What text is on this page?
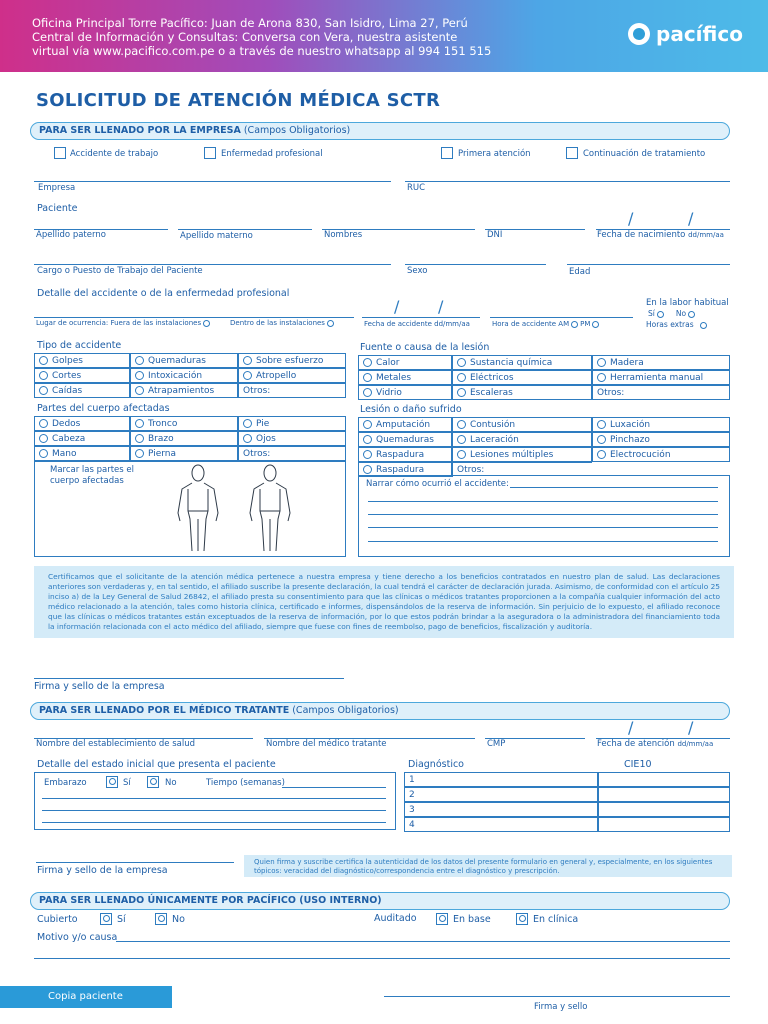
Oficina Principal Torre Pacífico: Juan de Arona 830, San Isidro, Lima 27, Perú
Central de Información y Consultas: Conversa con Vera, nuestra asistente
virtual vía www.pacifico.com.pe o a través de nuestro whatsapp al 994 151 515
pacífico
SOLICITUD DE ATENCIÓN MÉDICA SCTR
PARA SER LLENADO POR LA EMPRESA (Campos Obligatorios)
Accidente de trabajo	Enfermedad profesional	Primera atención	Continuación de tratamiento
Empresa	RUC
Paciente
Apellido paterno	Apellido materno	Nombres	DNI
/	/
Fecha de nacimiento dd/mm/aa
Cargo o Puesto de Trabajo del Paciente	Sexo	Edad
Detalle del accidente o de la enfermedad profesional
Lugar de ocurrencia: Fuera de las instalaciones	Dentro de las instalaciones
/ /
Fecha de accidente dd/mm/aa	Hora de accidente AM PM
En la labor habitual
Sí	No
Horas extras
Tipo de accidente
Golpes	Quemaduras	Sobre esfuerzo
Cortes	Intoxicación	Atropello
Caídas	Atrapamientos	Otros:
Fuente o causa de la lesión
Calor	Sustancia química	Madera
Metales	Eléctricos	Herramienta manual
Vidrio	Escaleras	Otros:
Partes del cuerpo afectadas
Dedos	Tronco	Pie
Cabeza	Brazo	Ojos
Mano	Pierna	Otros:
Marcar las partes el cuerpo afectadas
Lesión o daño sufrido
Amputación	Contusión	Luxación
Quemaduras	Laceración	Pinchazo
Raspadura	Lesiones múltiples	Electrocución
Raspadura	Otros:
Narrar cómo ocurrió el accidente:
Certificamos que el solicitante de la atención médica pertenece a nuestra empresa y tiene derecho a los beneficios contratados en nuestro plan de salud. Las declaraciones anteriores son verdaderas y, en tal sentido, el afiliado suscribe la presente declaración, la cual tendrá el carácter de declaración jurada. Asimismo, de conformidad con el artículo 25 inciso a) de la Ley General de Salud 26842, el afiliado presta su consentimiento para que las clínicas o médicos tratantes proporcionen a la compañía cualquier información del acto médico relacionado a la atención, tales como historia clínica, certificado e informes, dispensándolos de la reserva de información. Sin perjuicio de lo expuesto, el afiliado reconoce que las clínicas o médicos tratantes están exceptuados de la reserva de información, por lo que estos podrán brindar a la aseguradora o la administradora del financiamiento toda la información relacionada con el acto médico del afiliado, siempre que fuese con fines de reembolso, pago de beneficios, fiscalización y auditoría.
Firma y sello de la empresa
PARA SER LLENADO POR EL MÉDICO TRATANTE (Campos Obligatorios)
Nombre del establecimiento de salud	Nombre del médico tratante	CMP
/	/
Fecha de atención dd/mm/aa
Detalle del estado inicial que presenta el paciente
Embarazo	Sí	No	Tiempo (semanas)
Diagnóstico	CIE10
1
2
3
4
Firma y sello de la empresa
Quien firma y suscribe certifica la autenticidad de los datos del presente formulario en general y, especialmente, en los siguientes tópicos: veracidad del diagnóstico/correspondencia entre el diagnóstico y prescripción.
PARA SER LLENADO ÚNICAMENTE POR PACÍFICO (USO INTERNO)
Cubierto	Sí	No	Auditado	En base	En clínica
Motivo y/o causa
Copia paciente
Firma y sello
